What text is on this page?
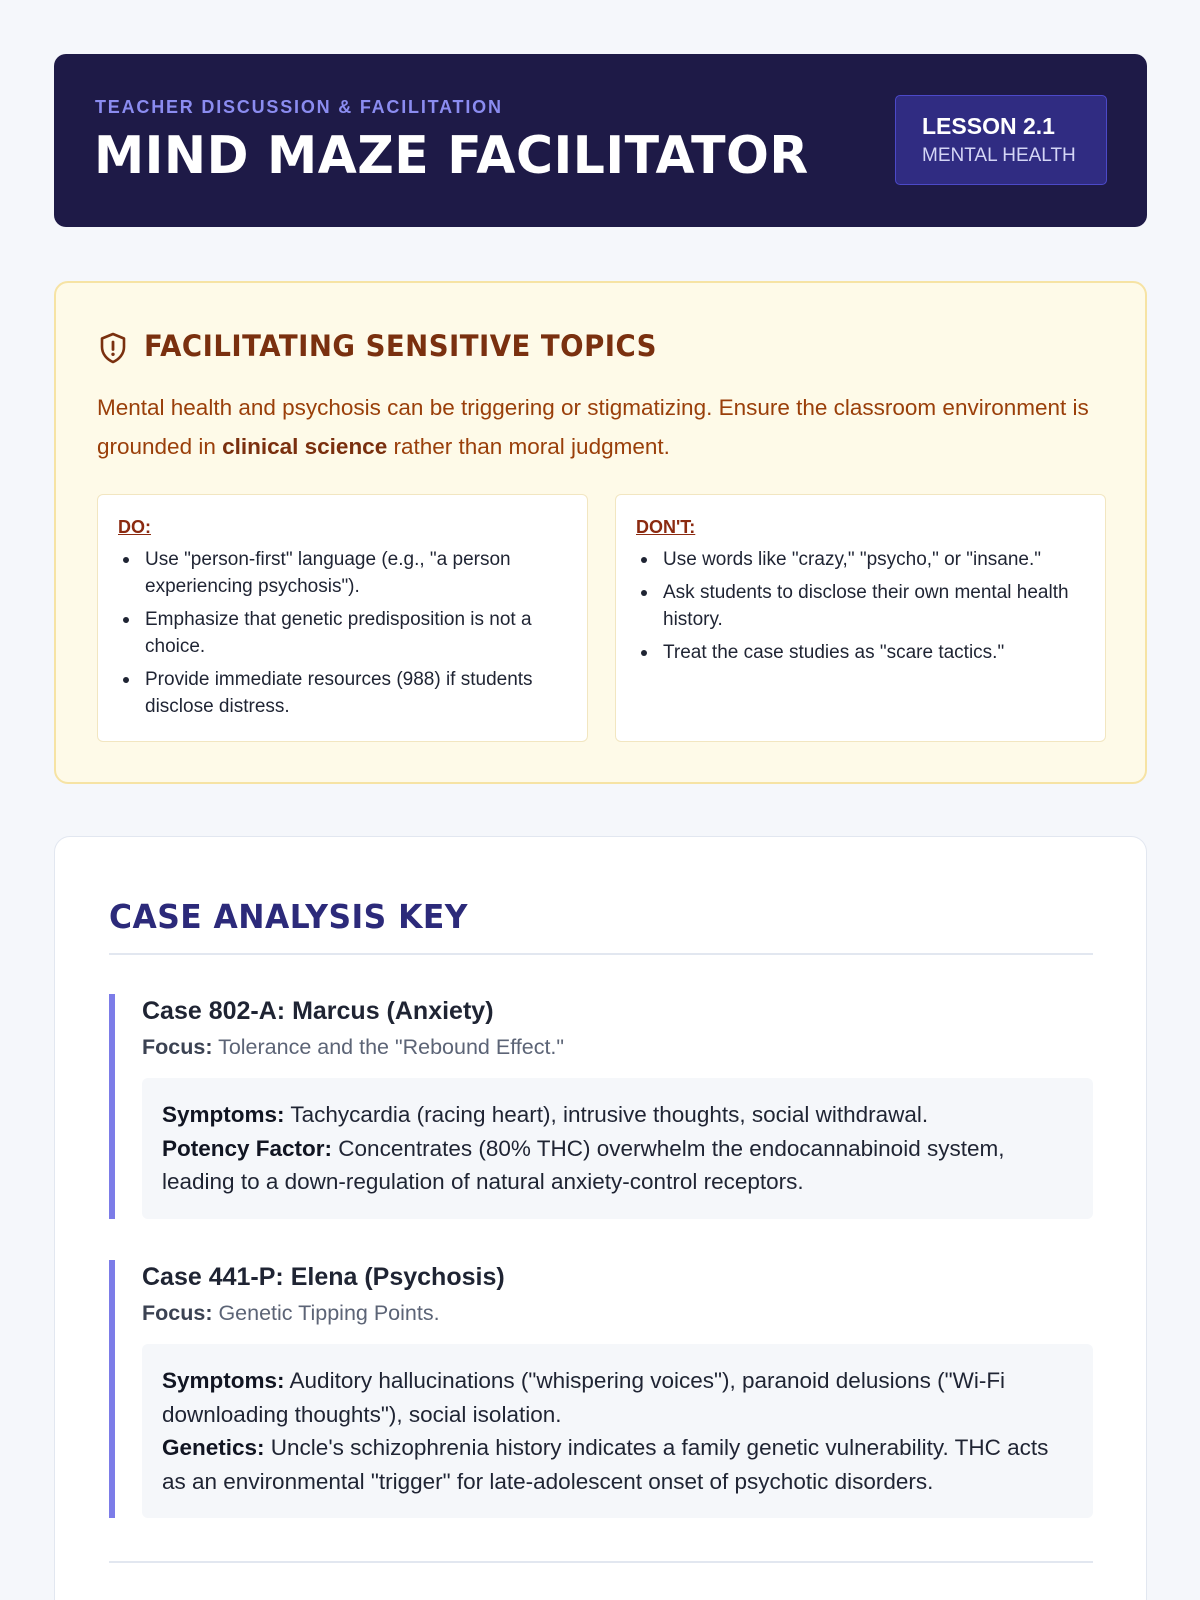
TEACHER DISCUSSION & FACILITATION
MIND MAZE FACILITATOR	LESSON 2.1
MENTAL HEALTH
FACILITATING SENSITIVE TOPICS

Mental health and psychosis can be triggering or stigmatizing. Ensure the classroom environment is grounded in clinical science rather than moral judgment.

DO:
Use "person-first" language (e.g., "a person experiencing psychosis").
Emphasize that genetic predisposition is not a choice.
Provide immediate resources (988) if students disclose distress.
DON'T:
Use words like "crazy," "psycho," or "insane."
Ask students to disclose their own mental health history.
Treat the case studies as "scare tactics."
CASE ANALYSIS KEY
Case 802-A: Marcus (Anxiety)
Focus: Tolerance and the "Rebound Effect."
Symptoms: Tachycardia (racing heart), intrusive thoughts, social withdrawal.
Potency Factor: Concentrates (80% THC) overwhelm the endocannabinoid system, leading to a down-regulation of natural anxiety-control receptors.
Case 441-P: Elena (Psychosis)
Focus: Genetic Tipping Points.
Symptoms: Auditory hallucinations ("whispering voices"), paranoid delusions ("Wi-Fi downloading thoughts"), social isolation.
Genetics: Uncle's schizophrenia history indicates a family genetic vulnerability. THC acts as an environmental "trigger" for late-adolescent onset of psychotic disorders.
